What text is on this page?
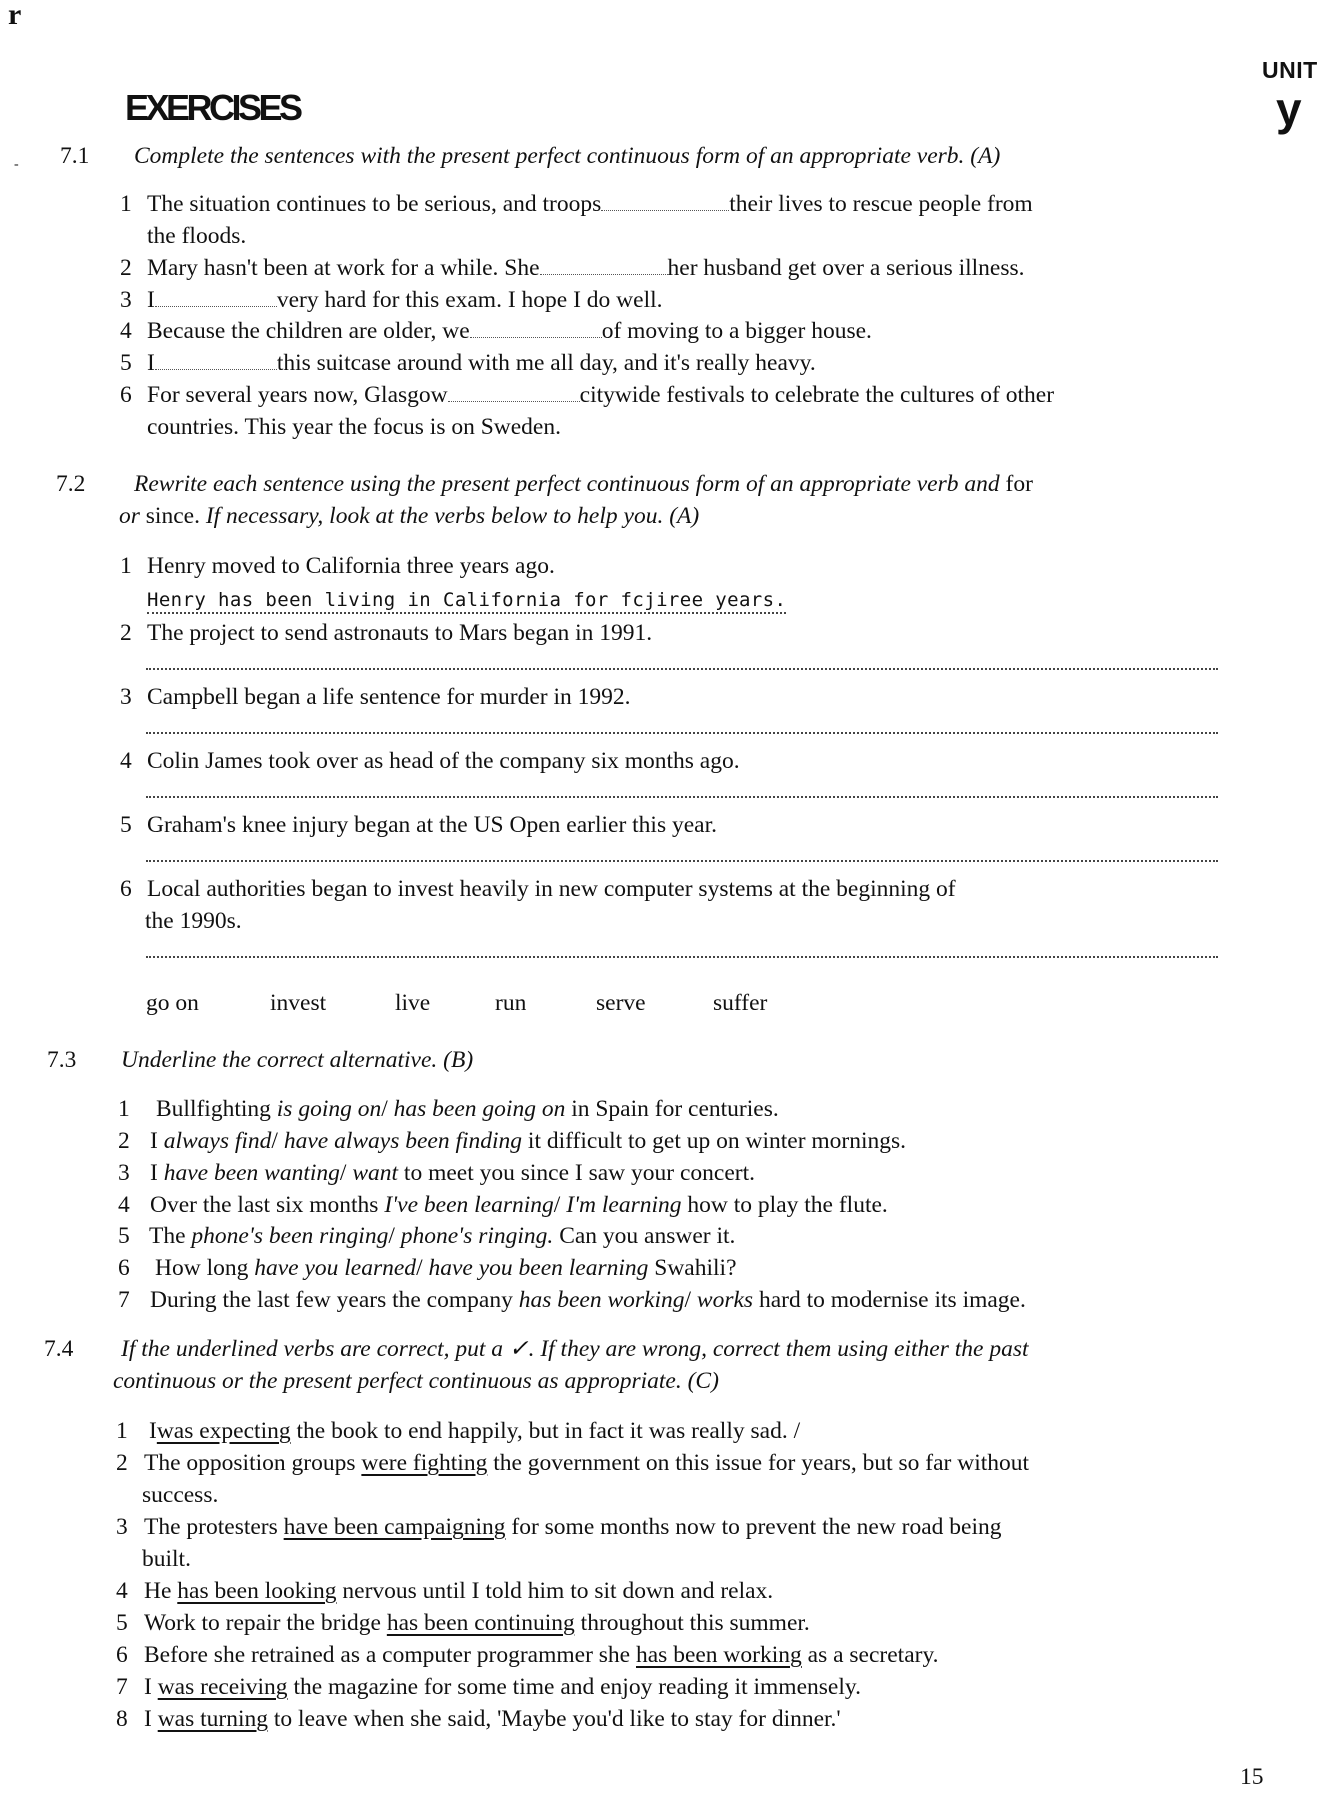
r
UNIT
y
EXERCISES
- 7.1 Complete the sentences with the present perfect continuous form of an appropriate verb. (A)
1 The situation continues to be serious, and troops	their lives to rescue people from
the floods.
2 Mary hasn't been at work for a while. She	her husband get over a serious illness.
3 I	very hard for this exam. I hope I do well.
4 Because the children are older, we	of moving to a bigger house.
5 I	this suitcase around with me all day, and it's really heavy.
6 For several years now, Glasgow	citywide festivals to celebrate the cultures of other
countries. This year the focus is on Sweden.
7.2 Rewrite each sentence using the present perfect continuous form of an appropriate verb and for
or since. If necessary, look at the verbs below to help you. (A)
1 Henry moved to California three years ago.
Henry has been living in California for fcjiree years.
2 The project to send astronauts to Mars began in 1991.
3 Campbell began a life sentence for murder in 1992.
4 Colin James took over as head of the company six months ago.
5 Graham's knee injury began at the US Open earlier this year.
6 Local authorities began to invest heavily in new computer systems at the beginning of
the 1990s.
go on	invest	live	run	serve	suffer
7.3 Underline the correct alternative. (B)
1 Bullfighting is going on/ has been going on in Spain for centuries.
2 I always find/ have always been finding it difficult to get up on winter mornings.
3 I have been wanting/ want to meet you since I saw your concert.
4 Over the last six months I've been learning/ I'm learning how to play the flute.
5 The phone's been ringing/ phone's ringing. Can you answer it.
6 How long have you learned/ have you been learning Swahili?
7 During the last few years the company has been working/ works hard to modernise its image.
7.4 If the underlined verbs are correct, put a ✓. If they are wrong, correct them using either the past
continuous or the present perfect continuous as appropriate. (C)
1 Iwas expecting the book to end happily, but in fact it was really sad. /
2 The opposition groups were fighting the government on this issue for years, but so far without
success.
3 The protesters have been campaigning for some months now to prevent the new road being
built.
4 He has been looking nervous until I told him to sit down and relax.
5 Work to repair the bridge has been continuing throughout this summer.
6 Before she retrained as a computer programmer she has been working as a secretary.
7 I was receiving the magazine for some time and enjoy reading it immensely.
8 I was turning to leave when she said, 'Maybe you'd like to stay for dinner.'
15
